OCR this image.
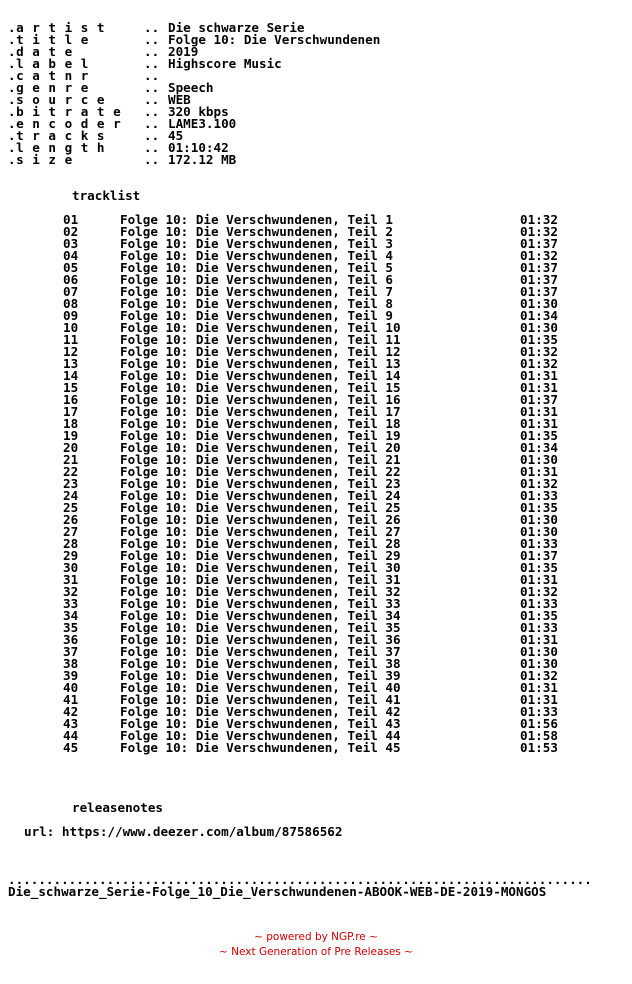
.a r t i s t	.. Die schwarze Serie
.t i t l e	.. Folge 10: Die Verschwundenen
.d a t e	.. 2019
.l a b e l	.. Highscore Music
.c a t n r	..
.g e n r e	.. Speech
.s o u r c e	.. WEB
.b i t r a t e .. 320 kbps
.e n c o d e r .. LAME3.100
.t r a c k s	.. 45
.l e n g t h	.. 01:10:42
.s i z e	.. 172.12 MB
tracklist
01	Folge 10: Die Verschwundenen, Teil 1	01:32
02	Folge 10: Die Verschwundenen, Teil 2	01:32
03	Folge 10: Die Verschwundenen, Teil 3	01:37
04	Folge 10: Die Verschwundenen, Teil 4	01:32
05	Folge 10: Die Verschwundenen, Teil 5	01:37
06	Folge 10: Die Verschwundenen, Teil 6	01:37
07	Folge 10: Die Verschwundenen, Teil 7	01:37
08	Folge 10: Die Verschwundenen, Teil 8	01:30
09	Folge 10: Die Verschwundenen, Teil 9	01:34
10	Folge 10: Die Verschwundenen, Teil 10	01:30
11	Folge 10: Die Verschwundenen, Teil 11	01:35
12	Folge 10: Die Verschwundenen, Teil 12	01:32
13	Folge 10: Die Verschwundenen, Teil 13	01:32
14	Folge 10: Die Verschwundenen, Teil 14	01:31
15	Folge 10: Die Verschwundenen, Teil 15	01:31
16	Folge 10: Die Verschwundenen, Teil 16	01:37
17	Folge 10: Die Verschwundenen, Teil 17	01:31
18	Folge 10: Die Verschwundenen, Teil 18	01:31
19	Folge 10: Die Verschwundenen, Teil 19	01:35
20	Folge 10: Die Verschwundenen, Teil 20	01:34
21	Folge 10: Die Verschwundenen, Teil 21	01:30
22	Folge 10: Die Verschwundenen, Teil 22	01:31
23	Folge 10: Die Verschwundenen, Teil 23	01:32
24	Folge 10: Die Verschwundenen, Teil 24	01:33
25	Folge 10: Die Verschwundenen, Teil 25	01:35
26	Folge 10: Die Verschwundenen, Teil 26	01:30
27	Folge 10: Die Verschwundenen, Teil 27	01:30
28	Folge 10: Die Verschwundenen, Teil 28	01:33
29	Folge 10: Die Verschwundenen, Teil 29	01:37
30	Folge 10: Die Verschwundenen, Teil 30	01:35
31	Folge 10: Die Verschwundenen, Teil 31	01:31
32	Folge 10: Die Verschwundenen, Teil 32	01:32
33	Folge 10: Die Verschwundenen, Teil 33	01:33
34	Folge 10: Die Verschwundenen, Teil 34	01:35
35	Folge 10: Die Verschwundenen, Teil 35	01:33
36	Folge 10: Die Verschwundenen, Teil 36	01:31
37	Folge 10: Die Verschwundenen, Teil 37	01:30
38	Folge 10: Die Verschwundenen, Teil 38	01:30
39	Folge 10: Die Verschwundenen, Teil 39	01:32
40	Folge 10: Die Verschwundenen, Teil 40	01:31
41	Folge 10: Die Verschwundenen, Teil 41	01:31
42	Folge 10: Die Verschwundenen, Teil 42	01:33
43	Folge 10: Die Verschwundenen, Teil 43	01:56
44	Folge 10: Die Verschwundenen, Teil 44	01:58
45	Folge 10: Die Verschwundenen, Teil 45	01:53
releasenotes
url: https://www.deezer.com/album/87586562
.............................................................................
Die_schwarze_Serie-Folge_10_Die_Verschwundenen-ABOOK-WEB-DE-2019-MONGOS
~ powered by NGP.re ~
~ Next Generation of Pre Releases ~
